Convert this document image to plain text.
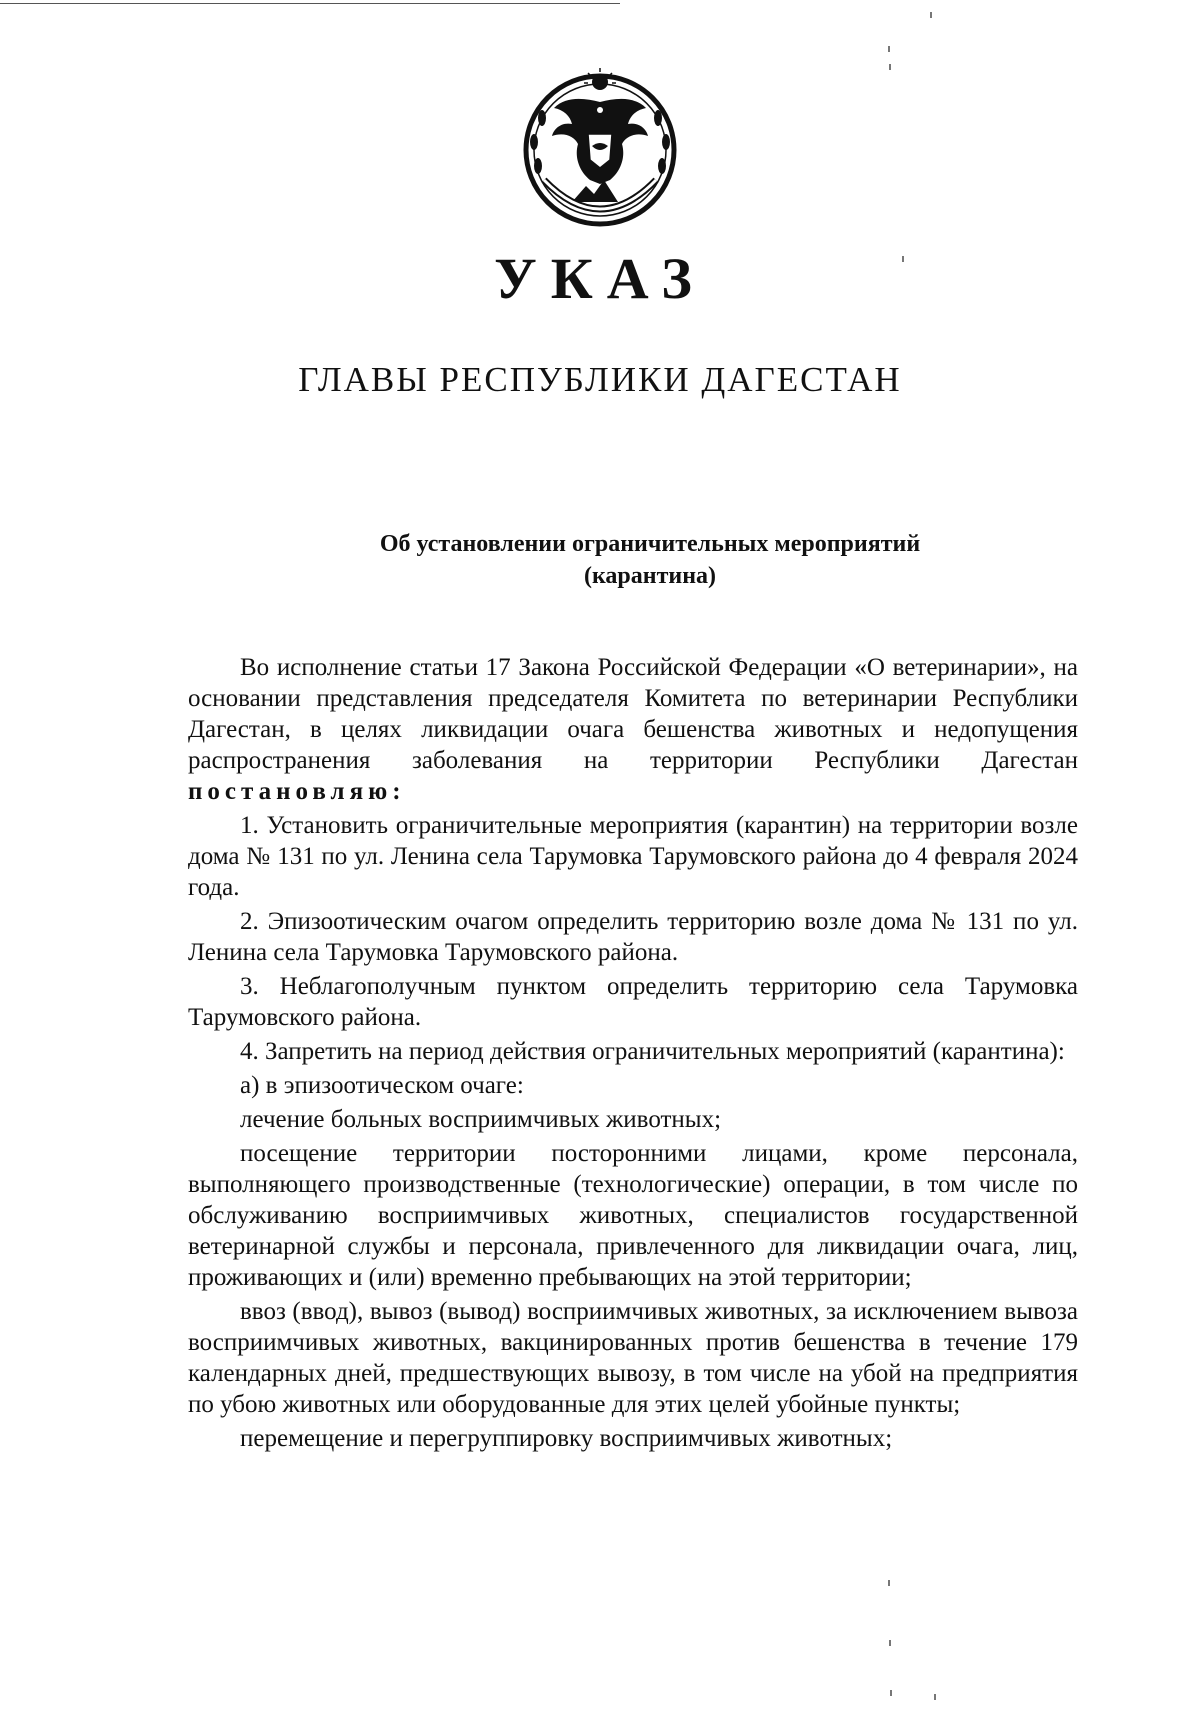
УКАЗ
ГЛАВЫ РЕСПУБЛИКИ ДАГЕСТАН
Об установлении ограничительных мероприятий
(карантина)

Во исполнение статьи 17 Закона Российской Федерации «О ветеринарии», на основании представления председателя Комитета по ветеринарии Республики Дагестан, в целях ликвидации очага бешенства животных и недопущения распространения заболевания на территории Республики Дагестан постановляю:

1. Установить ограничительные мероприятия (карантин) на территории возле дома № 131 по ул. Ленина села Тарумовка Тарумовского района до 4 февраля 2024 года.

2. Эпизоотическим очагом определить территорию возле дома № 131 по ул. Ленина села Тарумовка Тарумовского района.

3. Неблагополучным пунктом определить территорию села Тарумовка Тарумовского района.

4. Запретить на период действия ограничительных мероприятий (карантина):

а) в эпизоотическом очаге:

лечение больных восприимчивых животных;

посещение территории посторонними лицами, кроме персонала, выполняющего производственные (технологические) операции, в том числе по обслуживанию восприимчивых животных, специалистов государственной ветеринарной службы и персонала, привлеченного для ликвидации очага, лиц, проживающих и (или) временно пребывающих на этой территории;

ввоз (ввод), вывоз (вывод) восприимчивых животных, за исключением вывоза восприимчивых животных, вакцинированных против бешенства в течение 179 календарных дней, предшествующих вывозу, в том числе на убой на предприятия по убою животных или оборудованные для этих целей убойные пункты;

перемещение и перегруппировку восприимчивых животных;
